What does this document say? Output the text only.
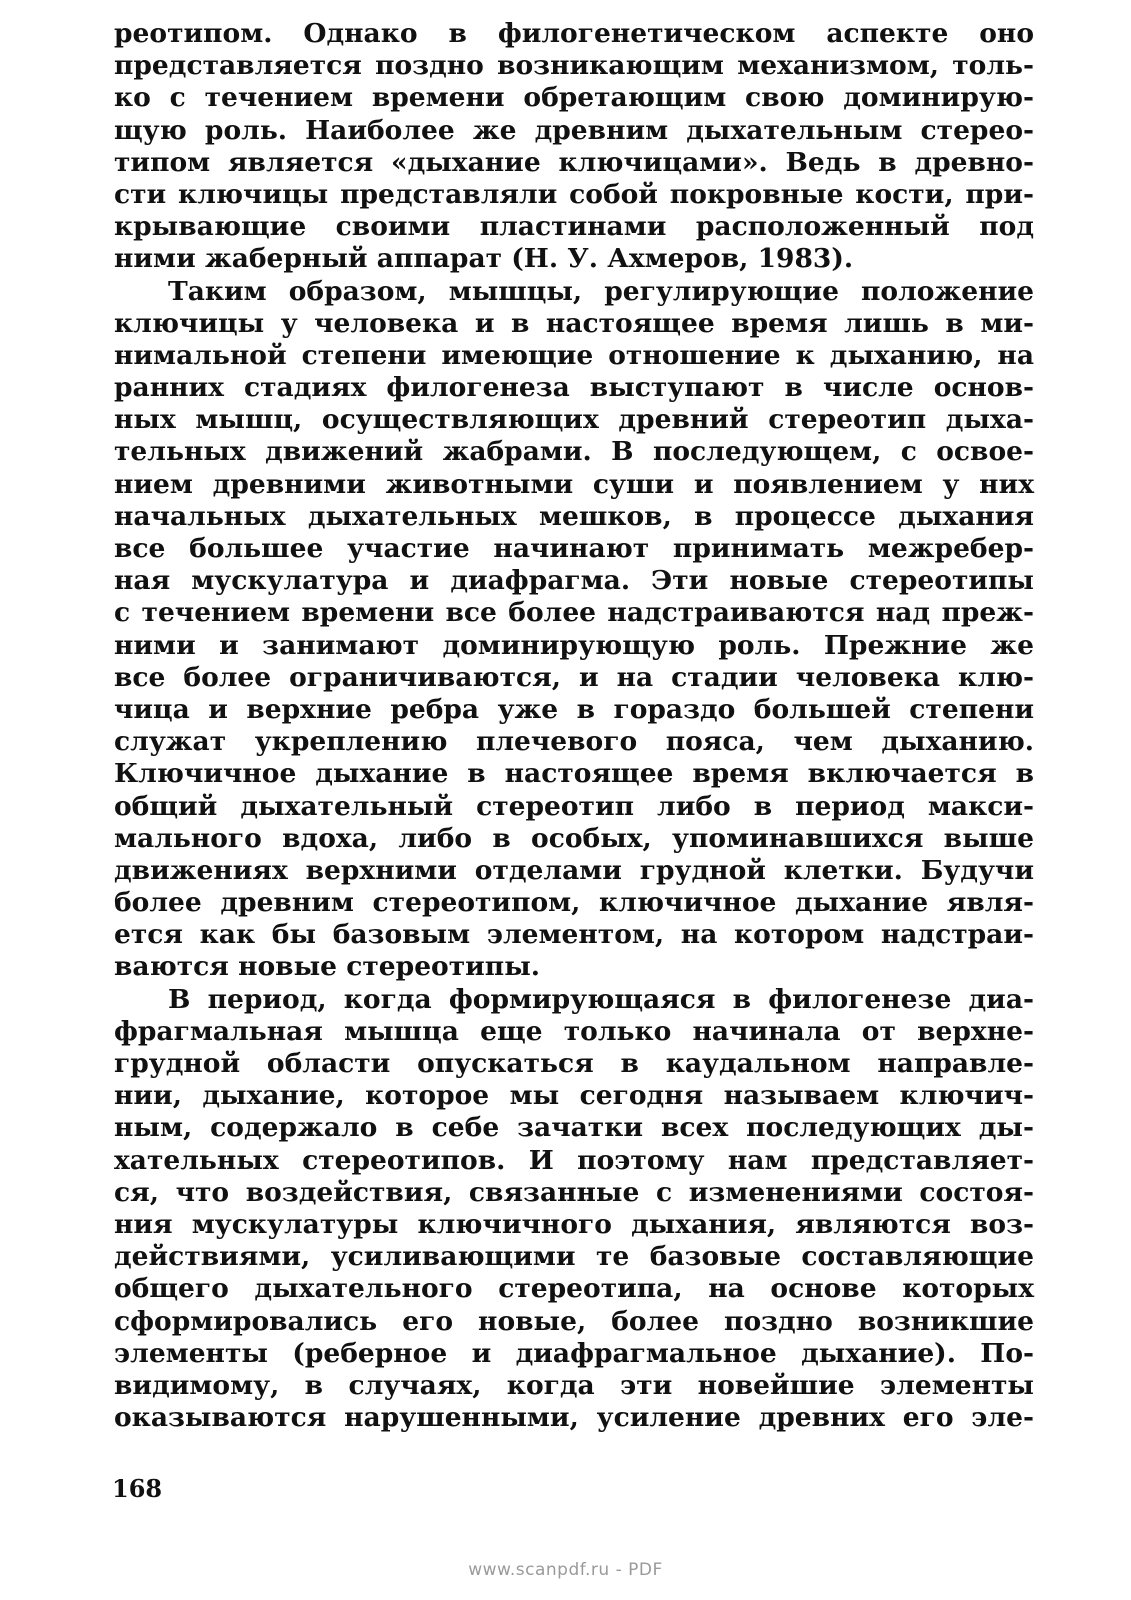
реотипом. Однако в филогенетическом аспекте оно
представляется поздно возникающим механизмом, толь-
ко с течением времени обретающим свою доминирую-
щую роль. Наиболее же древним дыхательным стерео-
типом является «дыхание ключицами». Ведь в древно-
сти ключицы представляли собой покровные кости, при-
крывающие своими пластинами расположенный под
ними жаберный аппарат (Н. У. Ахмеров, 1983).
Таким образом, мышцы, регулирующие положение
ключицы у человека и в настоящее время лишь в ми-
нимальной степени имеющие отношение к дыханию, на
ранних стадиях филогенеза выступают в числе основ-
ных мышц, осуществляющих древний стереотип дыха-
тельных движений жабрами. В последующем, с освое-
нием древними животными суши и появлением у них
начальных дыхательных мешков, в процессе дыхания
все большее участие начинают принимать межребер-
ная мускулатура и диафрагма. Эти новые стереотипы
с течением времени все более надстраиваются над преж-
ними и занимают доминирующую роль. Прежние же
все более ограничиваются, и на стадии человека клю-
чица и верхние ребра уже в гораздо большей степени
служат укреплению плечевого пояса, чем дыханию.
Ключичное дыхание в настоящее время включается в
общий дыхательный стереотип либо в период макси-
мального вдоха, либо в особых, упоминавшихся выше
движениях верхними отделами грудной клетки. Будучи
более древним стереотипом, ключичное дыхание явля-
ется как бы базовым элементом, на котором надстраи-
ваются новые стереотипы.
В период, когда формирующаяся в филогенезе диа-
фрагмальная мышца еще только начинала от верхне-
грудной области опускаться в каудальном направле-
нии, дыхание, которое мы сегодня называем ключич-
ным, содержало в себе зачатки всех последующих ды-
хательных стереотипов. И поэтому нам представляет-
ся, что воздействия, связанные с изменениями состоя-
ния мускулатуры ключичного дыхания, являются воз-
действиями, усиливающими те базовые составляющие
общего дыхательного стереотипа, на основе которых
сформировались его новые, более поздно возникшие
элементы (реберное и диафрагмальное дыхание). По-
видимому, в случаях, когда эти новейшие элементы
оказываются нарушенными, усиление древних его эле-
168
www.scanpdf.ru - PDF
